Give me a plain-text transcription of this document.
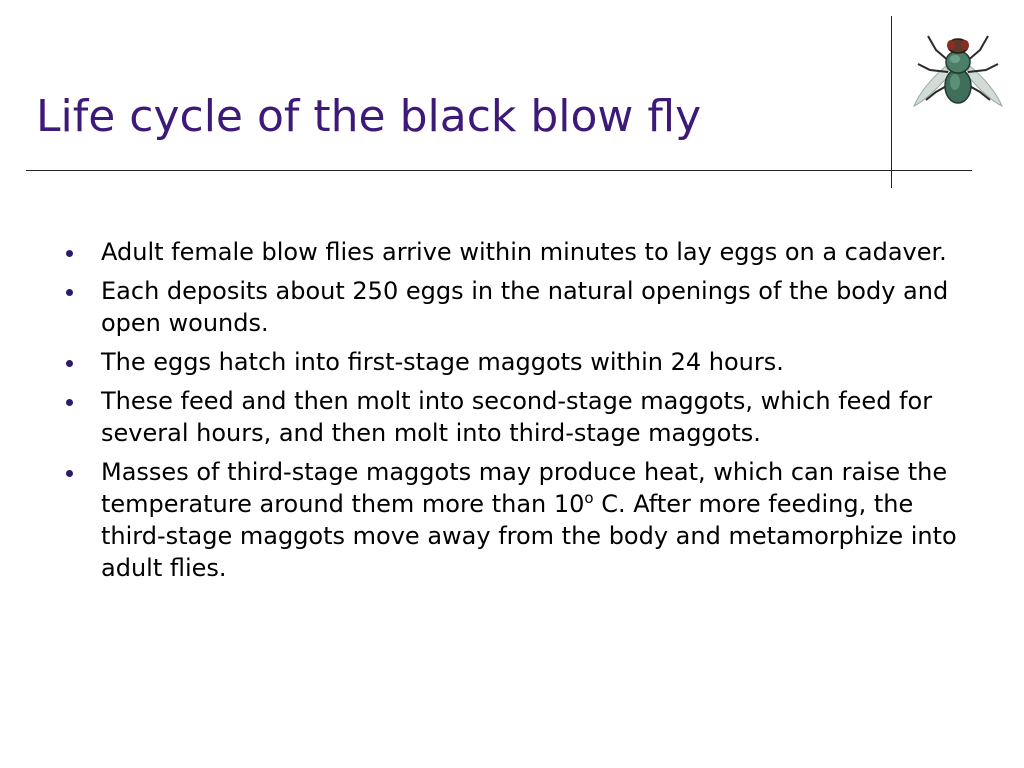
Life cycle of the black blow fly
Adult female blow flies arrive within minutes to lay eggs on a cadaver.
Each deposits about 250 eggs in the natural openings of the body and open wounds.
The eggs hatch into first-stage maggots within 24 hours.
These feed and then molt into second-stage maggots, which feed for several hours, and then molt into third-stage maggots.
Masses of third-stage maggots may produce heat, which can raise the temperature around them more than 10$^o$ C. After more feeding, the third-stage maggots move away from the body and metamorphize into adult flies.
